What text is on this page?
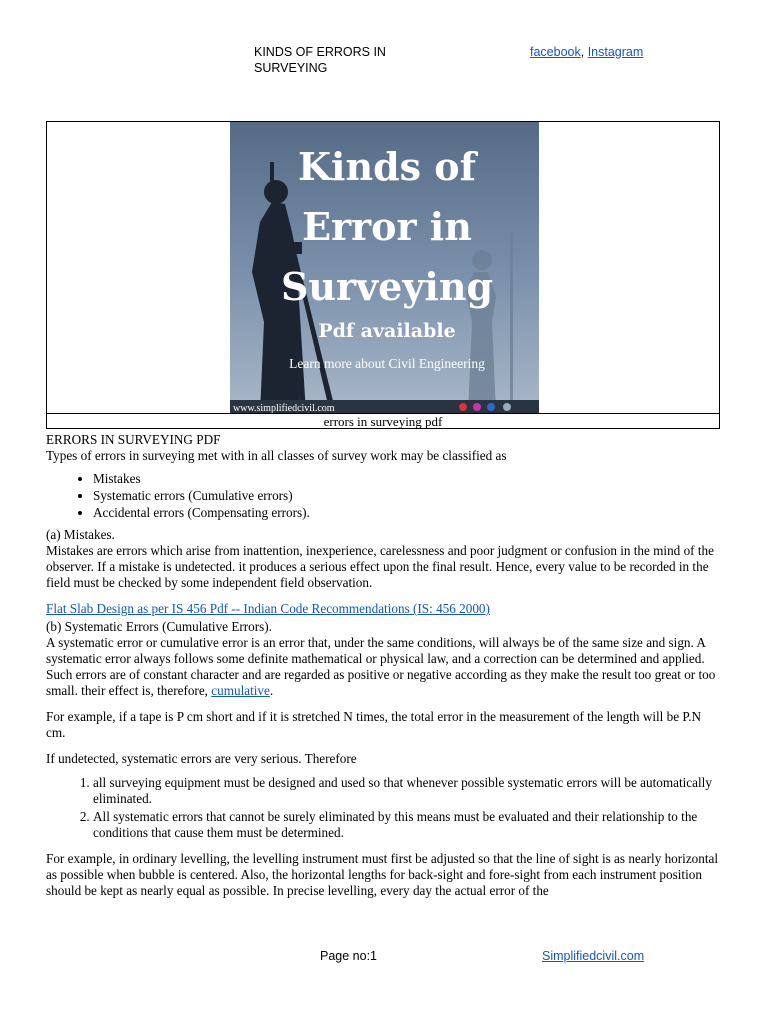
KINDS OF ERRORS IN SURVEYING
facebook, Instagram
Kinds of
Error in
Surveying
Pdf available
Learn more about Civil Engineering
www.simplifiedcivil.com
errors in surveying pdf

ERRORS IN SURVEYING PDF

Types of errors in surveying met with in all classes of survey work may be classified as

• Mistakes
• Systematic errors (Cumulative errors)
• Accidental errors (Compensating errors).

(a) Mistakes.

Mistakes are errors which arise from inattention, inexperience, carelessness and poor judgment or confusion in the mind of the observer. If a mistake is undetected. it produces a serious effect upon the final result. Hence, every value to be recorded in the field must be checked by some independent field observation.

Flat Slab Design as per IS 456 Pdf -- Indian Code Recommendations (IS: 456 2000)

(b) Systematic Errors (Cumulative Errors).

A systematic error or cumulative error is an error that, under the same conditions, will always be of the same size and sign. A systematic error always follows some definite mathematical or physical law, and a correction can be determined and applied. Such errors are of constant character and are regarded as positive or negative according as they make the result too great or too small. their effect is, therefore, cumulative.

For example, if a tape is P cm short and if it is stretched N times, the total error in the measurement of the length will be P.N cm.

If undetected, systematic errors are very serious. Therefore

1. all surveying equipment must be designed and used so that whenever possible systematic errors will be automatically eliminated.
2. All systematic errors that cannot be surely eliminated by this means must be evaluated and their relationship to the conditions that cause them must be determined.

For example, in ordinary levelling, the levelling instrument must first be adjusted so that the line of sight is as nearly horizontal as possible when bubble is centered. Also, the horizontal lengths for back-sight and fore-sight from each instrument position should be kept as nearly equal as possible. In precise levelling, every day the actual error of the

Page no:1	Simplifiedcivil.com
